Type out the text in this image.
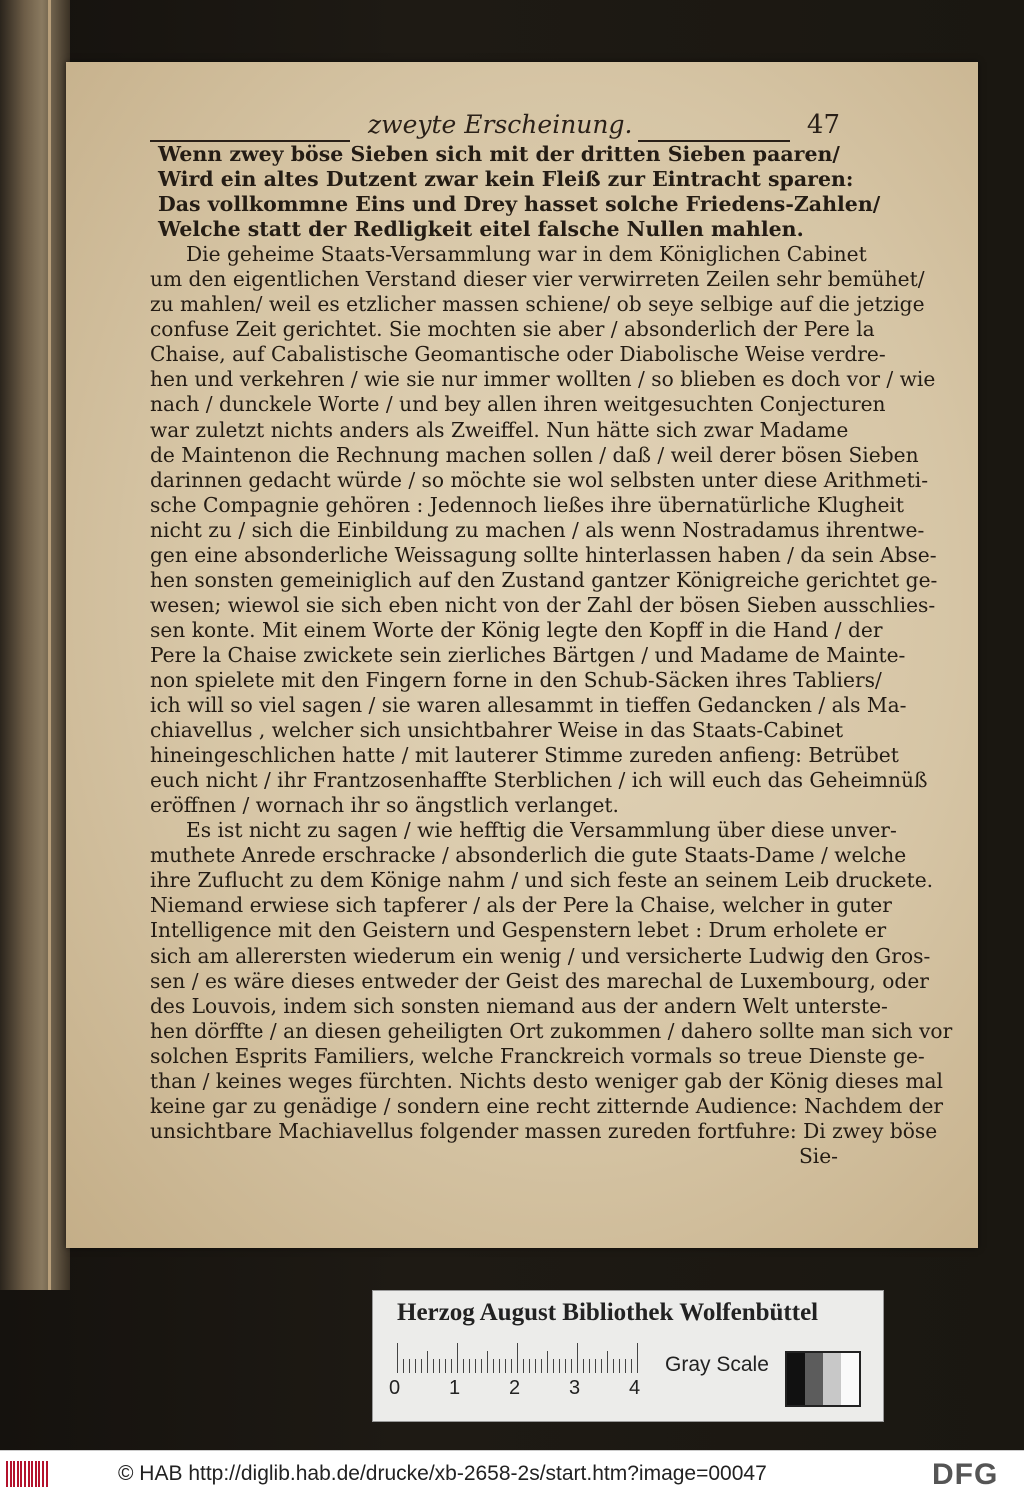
zweyte Erscheinung.	47
Wenn zwey böse Sieben sich mit der dritten Sieben paaren/
Wird ein altes Dutzent zwar kein Fleiß zur Eintracht sparen:
Das vollkommne Eins und Drey hasset solche Friedens-Zahlen/
Welche statt der Redligkeit eitel falsche Nullen mahlen.
Die geheime Staats-Versammlung war in dem Königlichen Cabinet
um den eigentlichen Verstand dieser vier verwirreten Zeilen sehr bemühet/
zu mahlen/ weil es etzlicher massen schiene/ ob seye selbige auf die jetzige
confuse Zeit gerichtet. Sie mochten sie aber / absonderlich der Pere la
Chaise, auf Cabalistische Geomantische oder Diabolische Weise verdre-
hen und verkehren / wie sie nur immer wollten / so blieben es doch vor / wie
nach / dunckele Worte / und bey allen ihren weitgesuchten Conjecturen
war zuletzt nichts anders als Zweiffel. Nun hätte sich zwar Madame
de Maintenon die Rechnung machen sollen / daß / weil derer bösen Sieben
darinnen gedacht würde / so möchte sie wol selbsten unter diese Arithmeti-
sche Compagnie gehören : Jedennoch ließes ihre übernatürliche Klugheit
nicht zu / sich die Einbildung zu machen / als wenn Nostradamus ihrentwe-
gen eine absonderliche Weissagung sollte hinterlassen haben / da sein Abse-
hen sonsten gemeiniglich auf den Zustand gantzer Königreiche gerichtet ge-
wesen; wiewol sie sich eben nicht von der Zahl der bösen Sieben ausschlies-
sen konte. Mit einem Worte der König legte den Kopff in die Hand / der
Pere la Chaise zwickete sein zierliches Bärtgen / und Madame de Mainte-
non spielete mit den Fingern forne in den Schub-Säcken ihres Tabliers/
ich will so viel sagen / sie waren allesammt in tieffen Gedancken / als Ma-
chiavellus , welcher sich unsichtbahrer Weise in das Staats-Cabinet
hineingeschlichen hatte / mit lauterer Stimme zureden anfieng: Betrübet
euch nicht / ihr Frantzosenhaffte Sterblichen / ich will euch das Geheimnüß
eröffnen / wornach ihr so ängstlich verlanget.
Es ist nicht zu sagen / wie hefftig die Versammlung über diese unver-
muthete Anrede erschracke / absonderlich die gute Staats-Dame / welche
ihre Zuflucht zu dem Könige nahm / und sich feste an seinem Leib druckete.
Niemand erwiese sich tapferer / als der Pere la Chaise, welcher in guter
Intelligence mit den Geistern und Gespenstern lebet : Drum erholete er
sich am allerersten wiederum ein wenig / und versicherte Ludwig den Gros-
sen / es wäre dieses entweder der Geist des marechal de Luxembourg, oder
des Louvois, indem sich sonsten niemand aus der andern Welt unterste-
hen dörffte / an diesen geheiligten Ort zukommen / dahero sollte man sich vor
solchen Esprits Familiers, welche Franckreich vormals so treue Dienste ge-
than / keines weges fürchten. Nichts desto weniger gab der König dieses mal
keine gar zu genädige / sondern eine recht zitternde Audience: Nachdem der
unsichtbare Machiavellus folgender massen zureden fortfuhre: Di zwey böse
Sie-
Herzog August Bibliothek Wolfenbüttel
0 1 2 3 4
Gray Scale
© HAB http://diglib.hab.de/drucke/xb-2658-2s/start.htm?image=00047	DFG
